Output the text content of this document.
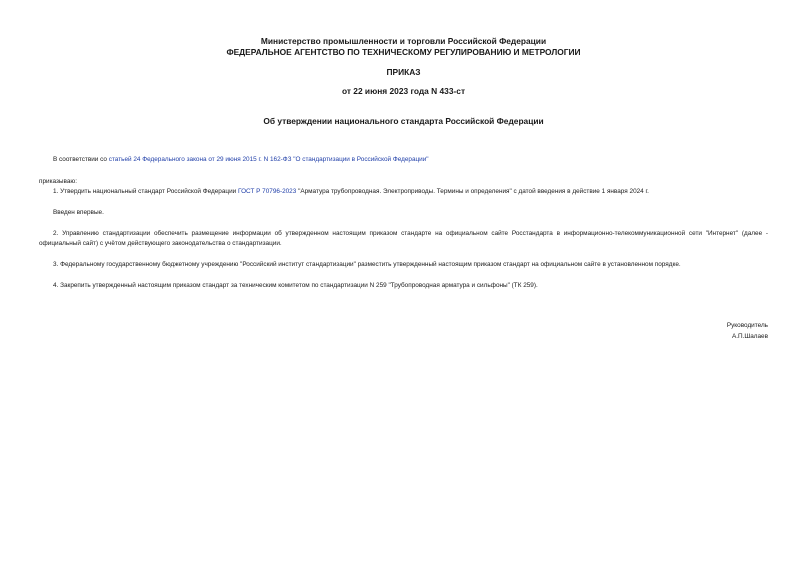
Министерство промышленности и торговли Российской Федерации
ФЕДЕРАЛЬНОЕ АГЕНТСТВО ПО ТЕХНИЧЕСКОМУ РЕГУЛИРОВАНИЮ И МЕТРОЛОГИИ
ПРИКАЗ
от 22 июня 2023 года N 433-ст
Об утверждении национального стандарта Российской Федерации
В соответствии со статьей 24 Федерального закона от 29 июня 2015 г. N 162-ФЗ "О стандартизации в Российской Федерации"
приказываю:
1. Утвердить национальный стандарт Российской Федерации ГОСТ Р 70796-2023 "Арматура трубопроводная. Электроприводы. Термины и определения" с датой введения в действие 1 января 2024 г.
Введен впервые.
2. Управлению стандартизации обеспечить размещение информации об утвержденном настоящим приказом стандарте на официальном сайте Росстандарта в информационно-телекоммуникационной сети "Интернет" (далее - официальный сайт) с учётом действующего законодательства о стандартизации.
3. Федеральному государственному бюджетному учреждению "Российский институт стандартизации" разместить утвержденный настоящим приказом стандарт на официальном сайте в установленном порядке.
4. Закрепить утвержденный настоящим приказом стандарт за техническим комитетом по стандартизации N 259 "Трубопроводная арматура и сильфоны" (ТК 259).
Руководитель
А.П.Шалаев
